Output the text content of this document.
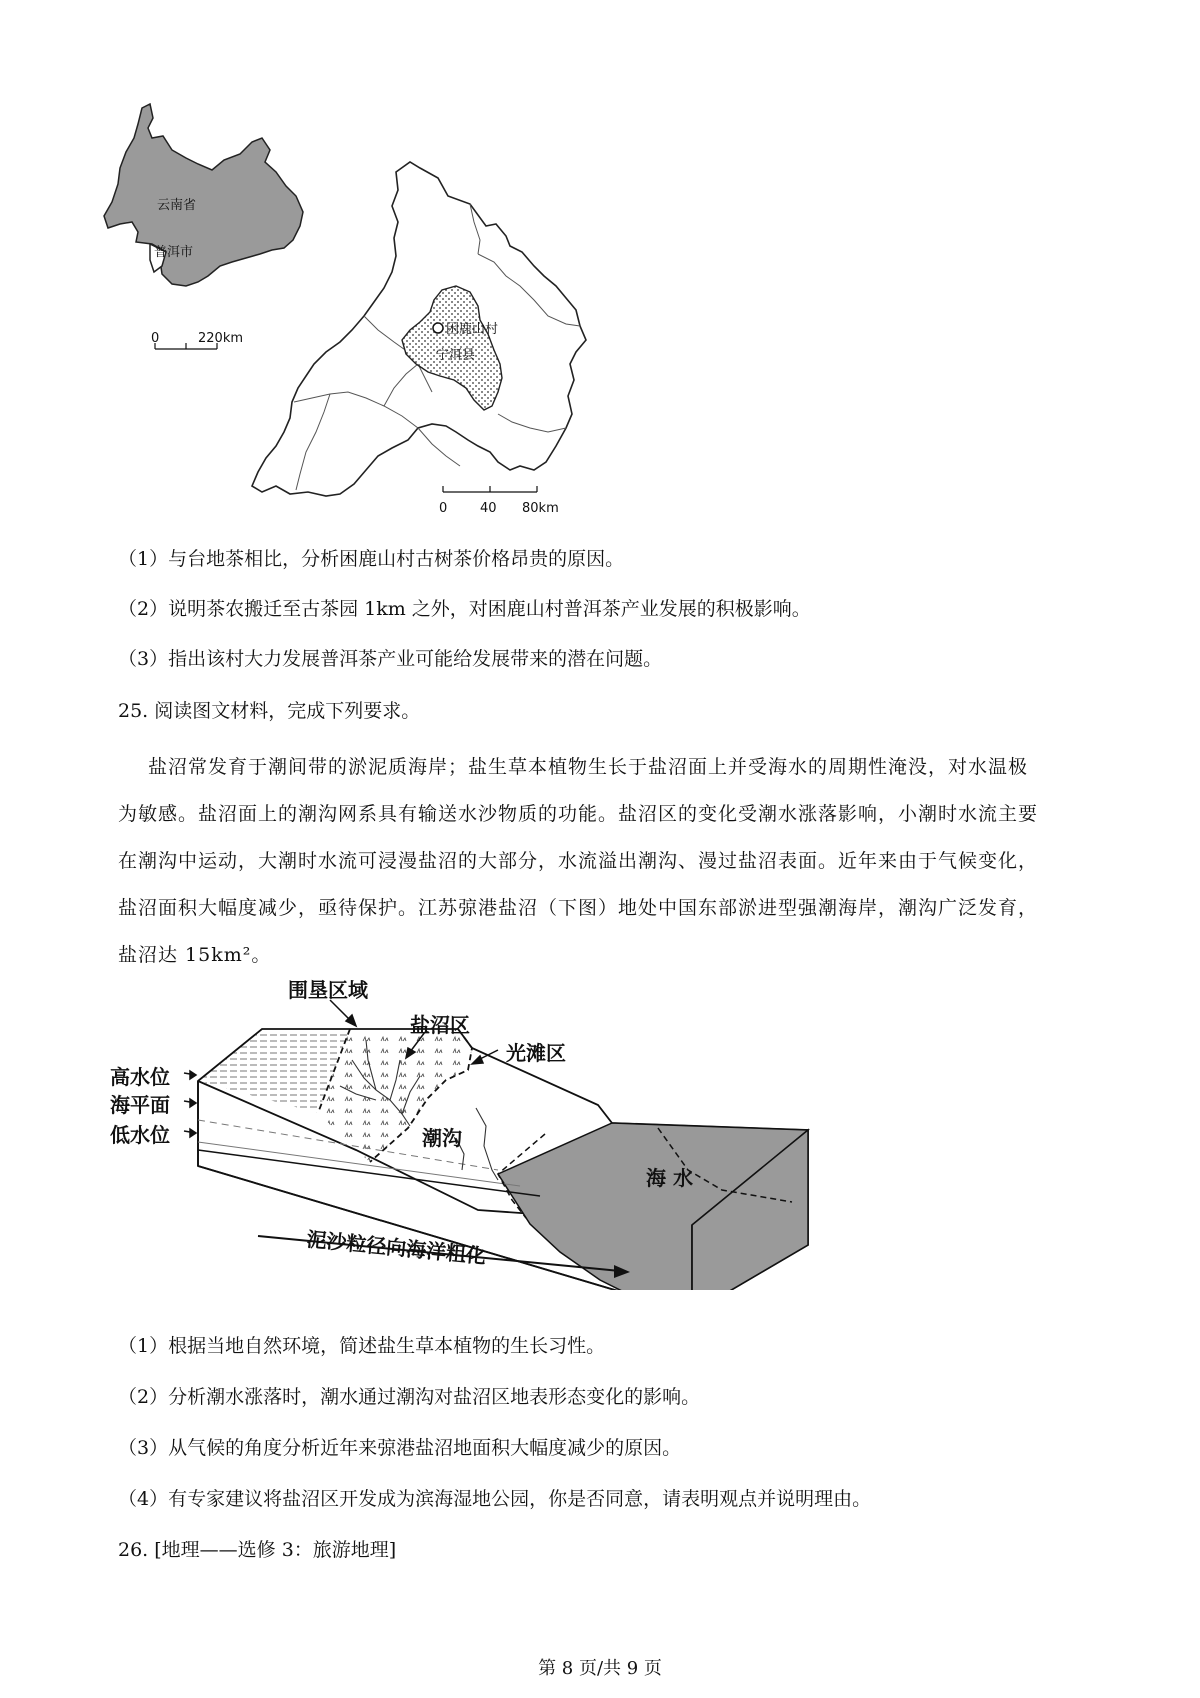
云南省
普洱市
0	220km
困鹿山村
宁洱县
0	40 80km
（1）与台地茶相比，分析困鹿山村古树茶价格昂贵的原因。
（2）说明茶农搬迁至古茶园 1km 之外，对困鹿山村普洱茶产业发展的积极影响。
（3）指出该村大力发展普洱茶产业可能给发展带来的潜在问题。
25. 阅读图文材料，完成下列要求。
盐沼常发育于潮间带的淤泥质海岸；盐生草本植物生长于盐沼面上并受海水的周期性淹没，对水温极
为敏感。盐沼面上的潮沟网系具有输送水沙物质的功能。盐沼区的变化受潮水涨落影响，小潮时水流主要
在潮沟中运动，大潮时水流可浸漫盐沼的大部分，水流溢出潮沟、漫过盐沼表面。近年来由于气候变化，
盐沼面积大幅度减少，亟待保护。江苏弶港盐沼（下图）地处中国东部淤进型强潮海岸，潮沟广泛发育，
盐沼达 15km²。
围垦区域
盐沼区
光滩区
高水位
海平面
低水位	潮沟
海 水
泥沙粒径向海洋粗化
（1）根据当地自然环境，简述盐生草本植物的生长习性。
（2）分析潮水涨落时，潮水通过潮沟对盐沼区地表形态变化的影响。
（3）从气候的角度分析近年来弶港盐沼地面积大幅度减少的原因。
（4）有专家建议将盐沼区开发成为滨海湿地公园，你是否同意，请表明观点并说明理由。
26. [地理——选修 3：旅游地理]
第 8 页/共 9 页
